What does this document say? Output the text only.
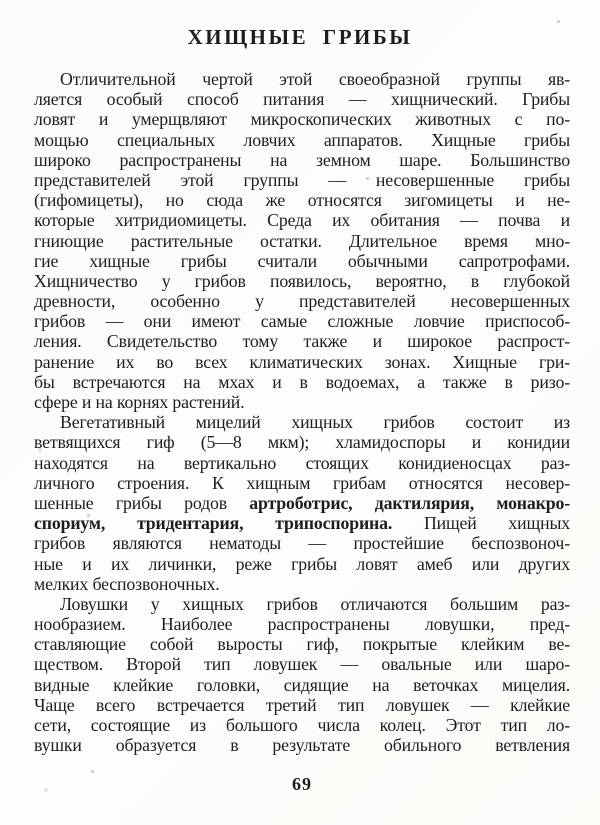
ХИЩНЫЕ ГРИБЫ
Отличительной чертой этой своеобразной группы яв-
ляется особый способ питания — хищнический. Грибы
ловят и умерщвляют микроскопических животных с по-
мощью специальных ловчих аппаратов. Хищные грибы
широко распространены на земном шаре. Большинство
представителей этой группы — несовершенные грибы
(гифомицеты), но сюда же относятся зигомицеты и не-
которые хитридиомицеты. Среда их обитания — почва и
гниющие растительные остатки. Длительное время мно-
гие хищные грибы считали обычными сапротрофами.
Хищничество у грибов появилось, вероятно, в глубокой
древности, особенно у представителей несовершенных
грибов — они имеют самые сложные ловчие приспособ-
ления. Свидетельство тому также и широкое распрост-
ранение их во всех климатических зонах. Хищные гри-
бы встречаются на мхах и в водоемах, а также в ризо-
сфере и на корнях растений.
Вегетативный мицелий хищных грибов состоит из
ветвящихся гиф (5—8 мкм); хламидоспоры и конидии
находятся на вертикально стоящих конидиеносцах раз-
личного строения. К хищным грибам относятся несовер-
шенные грибы родов артроботрис, дактилярия, монакро-
спориум, тридентария, трипоспорина. Пищей хищных
грибов являются нематоды — простейшие беспозвоноч-
ные и их личинки, реже грибы ловят амеб или других
мелких беспозвоночных.
Ловушки у хищных грибов отличаются большим раз-
нообразием. Наиболее распространены ловушки, пред-
ставляющие собой выросты гиф, покрытые клейким ве-
ществом. Второй тип ловушек — овальные или шаро-
видные клейкие головки, сидящие на веточках мицелия.
Чаще всего встречается третий тип ловушек — клейкие
сети, состоящие из большого числа колец. Этот тип ло-
вушки образуется в результате обильного ветвления
69
